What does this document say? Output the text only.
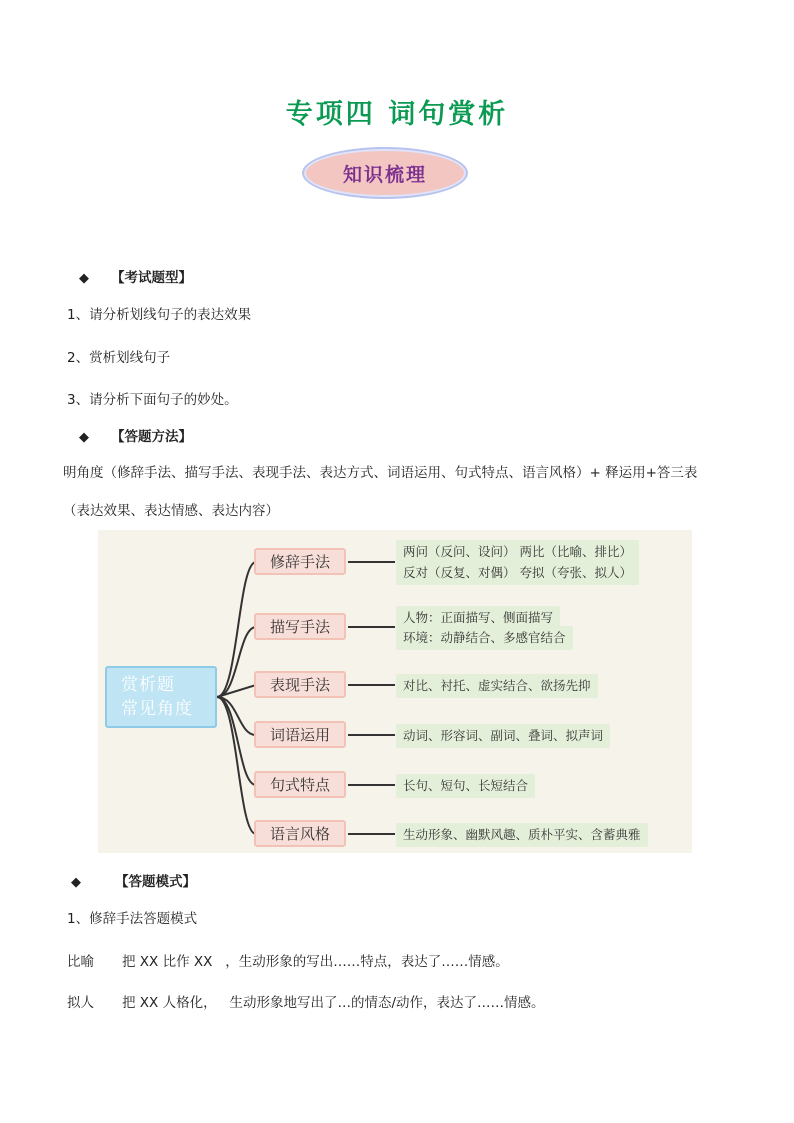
专项四 词句赏析
知识梳理
◆ 【考试题型】
1、请分析划线句子的表达效果
2、赏析划线句子
3、请分析下面句子的妙处。
◆ 【答题方法】
明角度（修辞手法、描写手法、表现手法、表达方式、词语运用、句式特点、语言风格）+ 释运用+答三表
（表达效果、表达情感、表达内容）
赏析题
常见角度
修辞手法
两问（反问、设问） 两比（比喻、排比）
反对（反复、对偶） 夸拟（夸张、拟人）
描写手法
人物：正面描写、侧面描写
环境：动静结合、多感官结合
表现手法	对比、衬托、虚实结合、欲扬先抑
词语运用	动词、形容词、副词、叠词、拟声词
句式特点	长句、短句、长短结合
语言风格	生动形象、幽默风趣、质朴平实、含蓄典雅
◆	【答题模式】
1、修辞手法答题模式
比喻 把 XX 比作 XX   ，生动形象的写出……特点，表达了……情感。
拟人 把 XX 人格化，   生动形象地写出了…的情态/动作，表达了……情感。
